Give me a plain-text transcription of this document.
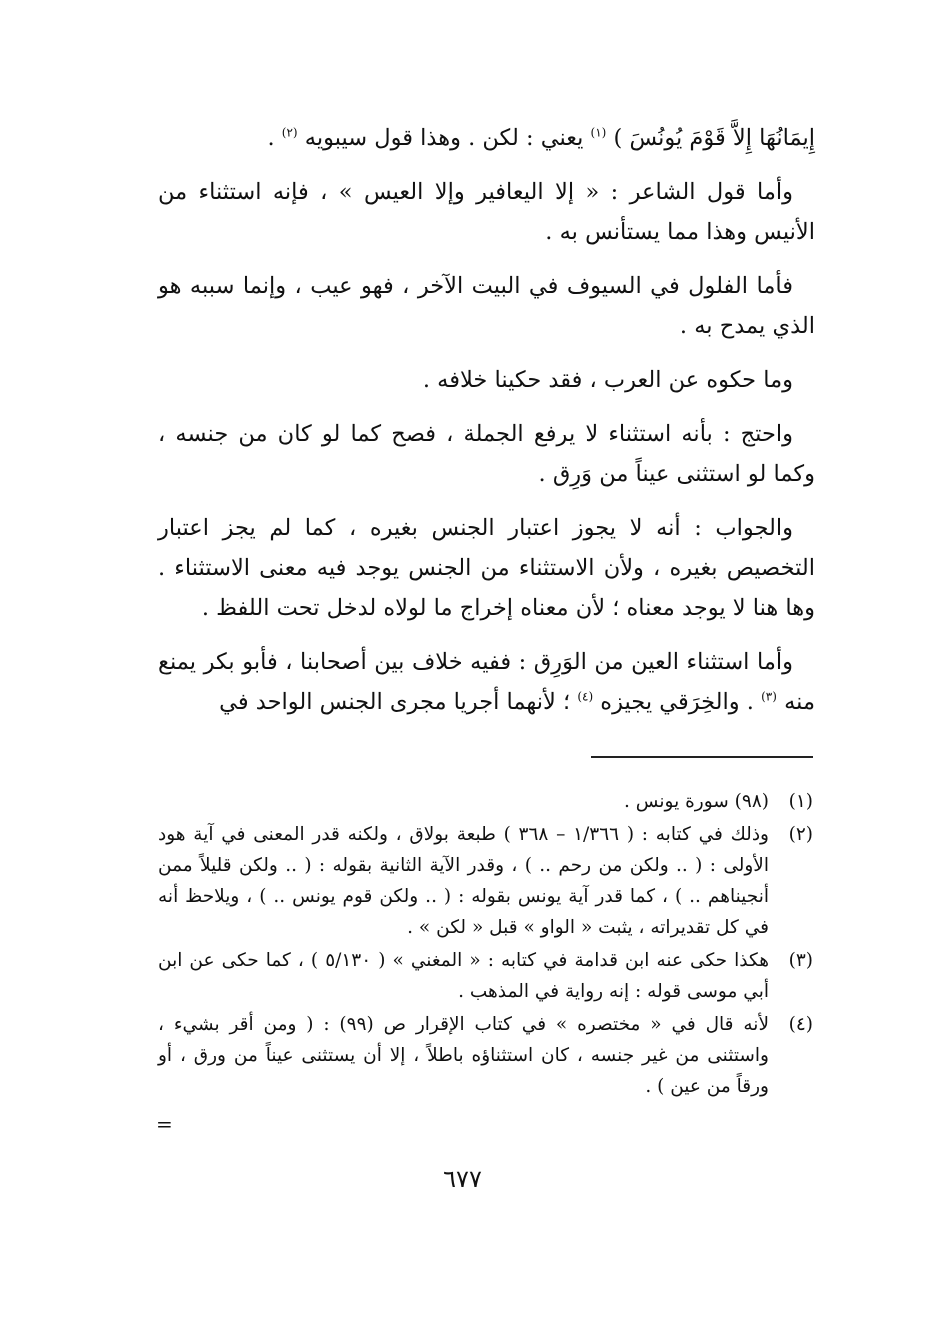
إِيمَانُهَا إِلاَّ قَوْمَ يُونُسَ ) $^{(١)}$ يعني : لكن . وهذا قول سيبويه $^{(٢)}$ .

وأما قول الشاعر : « إلا اليعافير وإلا العيس » ، فإنه استثناء من الأنيس وهذا مما يستأنس به .

فأما الفلول في السيوف في البيت الآخر ، فهو عيب ، وإنما سببه هو الذي يمدح به .

وما حكوه عن العرب ، فقد حكينا خلافه .

واحتج : بأنه استثناء لا يرفع الجملة ، فصح كما لو كان من جنسه ، وكما لو استثنى عيناً من وَرِق .

والجواب : أنه لا يجوز اعتبار الجنس بغيره ، كما لم يجز اعتبار التخصيص بغيره ، ولأن الاستثناء من الجنس يوجد فيه معنى الاستثناء . وها هنا لا يوجد معناه ؛ لأن معناه إخراج ما لولاه لدخل تحت اللفظ .

وأما استثناء العين من الوَرِق : ففيه خلاف بين أصحابنا ، فأبو بكر يمنع منه $^{(٣)}$ . والخِرَقي يجيزه $^{(٤)}$ ؛ لأنهما أجريا مجرى الجنس الواحد في

(١)
(٩٨) سورة يونس .
(٢)
وذلك في كتابه : ( ١/٣٦٦ – ٣٦٨ ) طبعة بولاق ، ولكنه قدر المعنى في آية هود الأولى : ( .. ولكن من رحم .. ) ، وقدر الآية الثانية بقوله : ( .. ولكن قليلاً ممن أنجيناهم .. ) ، كما قدر آية يونس بقوله : ( .. ولكن قوم يونس .. ) ، ويلاحظ أنه في كل تقديراته ، يثبت « الواو » قبل « لكن » .
(٣)
هكذا حكى عنه ابن قدامة في كتابه : « المغني » ( ٥/١٣٠ ) ، كما حكى عن ابن أبي موسى قوله : إنه رواية في المذهب .
(٤)
لأنه قال في « مختصره » في كتاب الإقرار ص (٩٩) : ( ومن أقر بشيء ، واستثنى من غير جنسه ، كان استثناؤه باطلاً ، إلا أن يستثنى عيناً من ورق ، أو ورقاً من عين ) .
=
٦٧٧
